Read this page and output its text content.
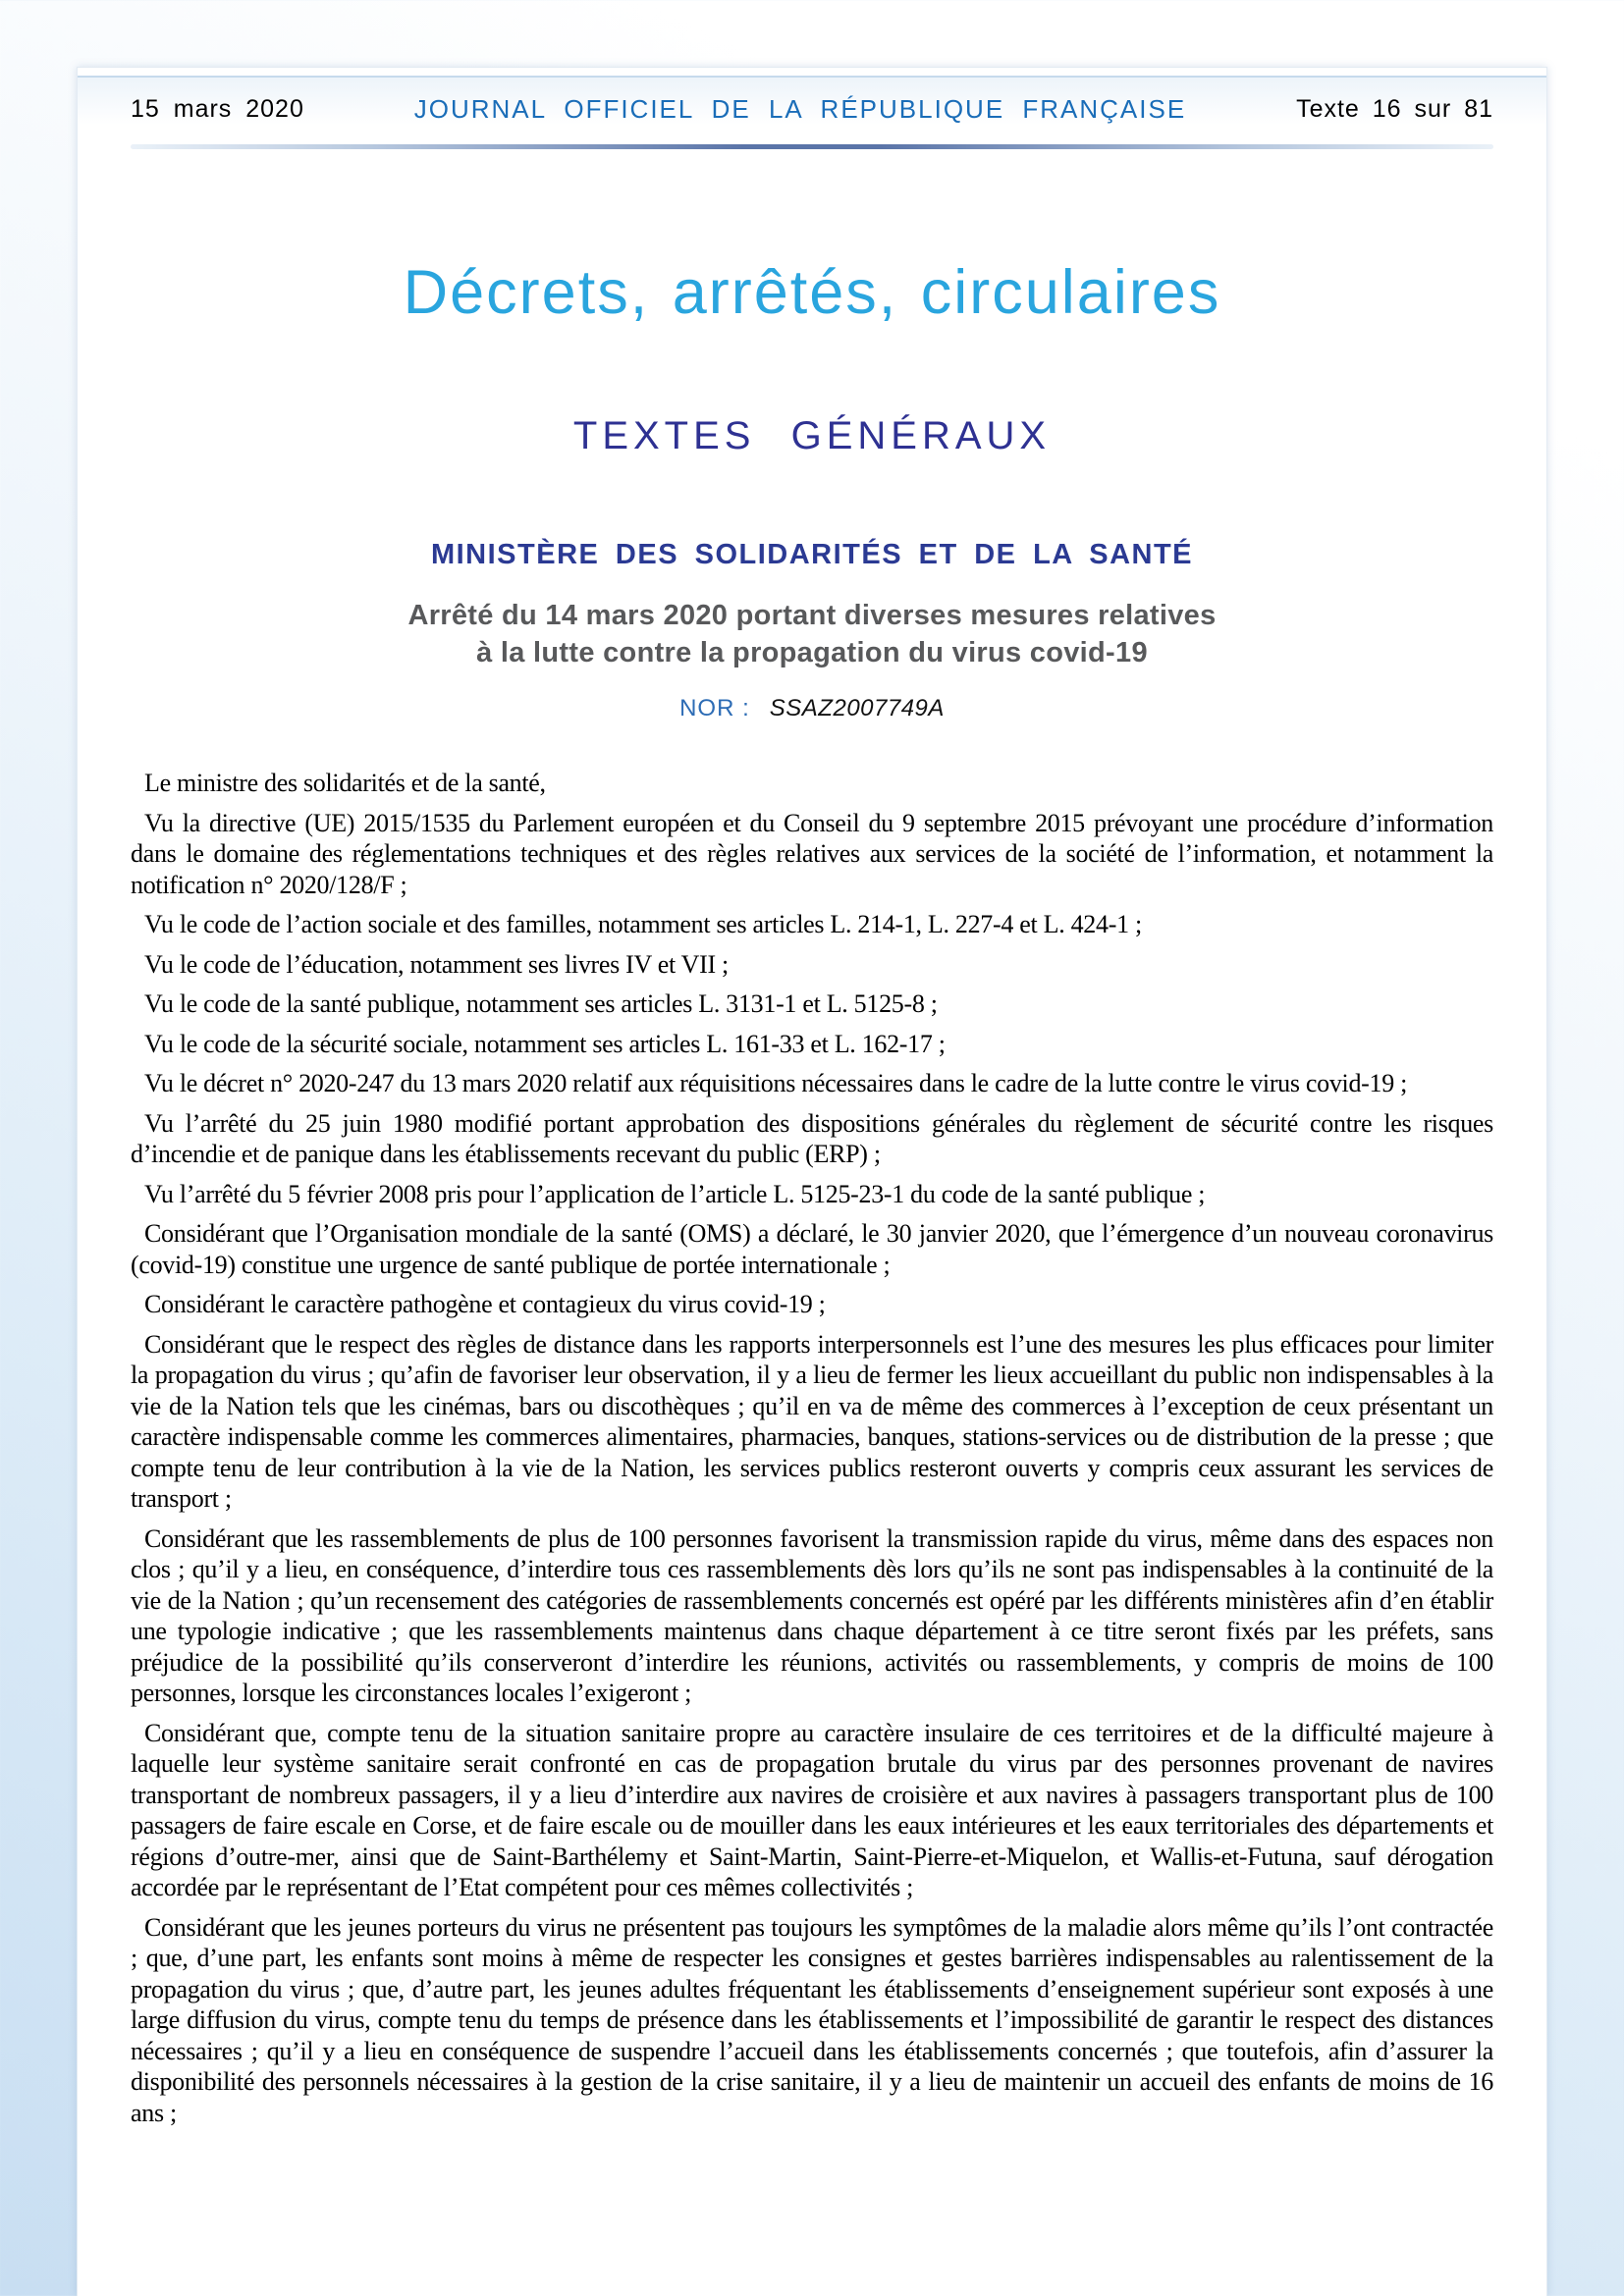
15 mars 2020	JOURNAL OFFICIEL DE LA RÉPUBLIQUE FRANÇAISE	Texte 16 sur 81
Décrets, arrêtés, circulaires
TEXTES GÉNÉRAUX
MINISTÈRE DES SOLIDARITÉS ET DE LA SANTÉ
Arrêté du 14 mars 2020 portant diverses mesures relatives
à la lutte contre la propagation du virus covid-19
NOR : SSAZ2007749A

Le ministre des solidarités et de la santé,

Vu la directive (UE) 2015/1535 du Parlement européen et du Conseil du 9 septembre 2015 prévoyant une procédure d’information dans le domaine des réglementations techniques et des règles relatives aux services de la société de l’information, et notamment la notification n° 2020/128/F ;

Vu le code de l’action sociale et des familles, notamment ses articles L. 214-1, L. 227-4 et L. 424-1 ;

Vu le code de l’éducation, notamment ses livres IV et VII ;

Vu le code de la santé publique, notamment ses articles L. 3131-1 et L. 5125-8 ;

Vu le code de la sécurité sociale, notamment ses articles L. 161-33 et L. 162-17 ;

Vu le décret n° 2020-247 du 13 mars 2020 relatif aux réquisitions nécessaires dans le cadre de la lutte contre le virus covid-19 ;

Vu l’arrêté du 25 juin 1980 modifié portant approbation des dispositions générales du règlement de sécurité contre les risques d’incendie et de panique dans les établissements recevant du public (ERP) ;

Vu l’arrêté du 5 février 2008 pris pour l’application de l’article L. 5125-23-1 du code de la santé publique ;

Considérant que l’Organisation mondiale de la santé (OMS) a déclaré, le 30 janvier 2020, que l’émergence d’un nouveau coronavirus (covid-19) constitue une urgence de santé publique de portée internationale ;

Considérant le caractère pathogène et contagieux du virus covid-19 ;

Considérant que le respect des règles de distance dans les rapports interpersonnels est l’une des mesures les plus efficaces pour limiter la propagation du virus ; qu’afin de favoriser leur observation, il y a lieu de fermer les lieux accueillant du public non indispensables à la vie de la Nation tels que les cinémas, bars ou discothèques ; qu’il en va de même des commerces à l’exception de ceux présentant un caractère indispensable comme les commerces alimentaires, pharmacies, banques, stations-services ou de distribution de la presse ; que compte tenu de leur contribution à la vie de la Nation, les services publics resteront ouverts y compris ceux assurant les services de transport ;

Considérant que les rassemblements de plus de 100 personnes favorisent la transmission rapide du virus, même dans des espaces non clos ; qu’il y a lieu, en conséquence, d’interdire tous ces rassemblements dès lors qu’ils ne sont pas indispensables à la continuité de la vie de la Nation ; qu’un recensement des catégories de rassemblements concernés est opéré par les différents ministères afin d’en établir une typologie indicative ; que les rassemblements maintenus dans chaque département à ce titre seront fixés par les préfets, sans préjudice de la possibilité qu’ils conserveront d’interdire les réunions, activités ou rassemblements, y compris de moins de 100 personnes, lorsque les circonstances locales l’exigeront ;

Considérant que, compte tenu de la situation sanitaire propre au caractère insulaire de ces territoires et de la difficulté majeure à laquelle leur système sanitaire serait confronté en cas de propagation brutale du virus par des personnes provenant de navires transportant de nombreux passagers, il y a lieu d’interdire aux navires de croisière et aux navires à passagers transportant plus de 100 passagers de faire escale en Corse, et de faire escale ou de mouiller dans les eaux intérieures et les eaux territoriales des départements et régions d’outre-mer, ainsi que de Saint-Barthélemy et Saint-Martin, Saint-Pierre-et-Miquelon, et Wallis-et-Futuna, sauf dérogation accordée par le représentant de l’Etat compétent pour ces mêmes collectivités ;

Considérant que les jeunes porteurs du virus ne présentent pas toujours les symptômes de la maladie alors même qu’ils l’ont contractée ; que, d’une part, les enfants sont moins à même de respecter les consignes et gestes barrières indispensables au ralentissement de la propagation du virus ; que, d’autre part, les jeunes adultes fréquentant les établissements d’enseignement supérieur sont exposés à une large diffusion du virus, compte tenu du temps de présence dans les établissements et l’impossibilité de garantir le respect des distances nécessaires ; qu’il y a lieu en conséquence de suspendre l’accueil dans les établissements concernés ; que toutefois, afin d’assurer la disponibilité des personnels nécessaires à la gestion de la crise sanitaire, il y a lieu de maintenir un accueil des enfants de moins de 16 ans ;
